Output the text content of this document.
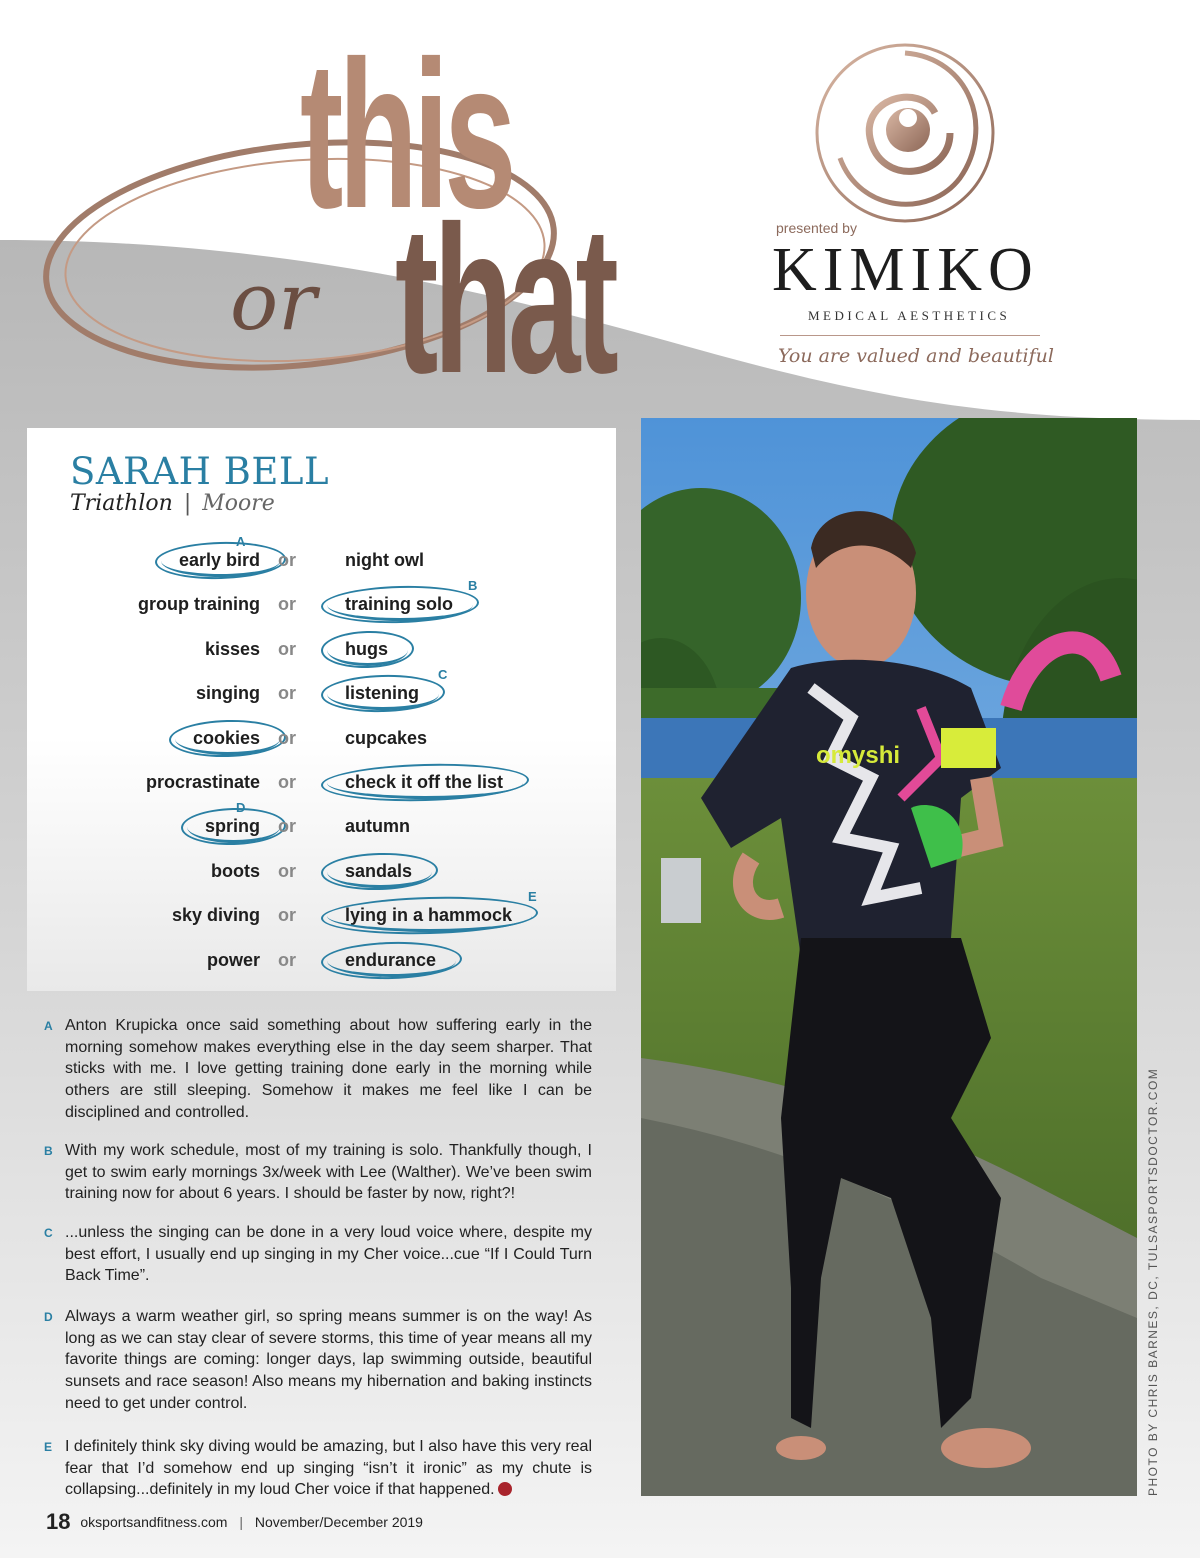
this
or that	presented by
KIMIKO
MEDICAL AESTHETICS
You are valued and beautiful
SARAH BELL
Triathlon | Moore
early bird or	night owl
A
group training or	training solo
B
kisses or	hugs
singing or	listening
C
cookies or	cupcakes
procrastinate or	check it off the list
spring or	autumn
D
boots or	sandals
sky diving or	lying in a hammock
E
power or	endurance
A Anton Krupicka once said something about how suffering early in the morning somehow makes everything else in the day seem sharper. That sticks with me. I love getting training done early in the morning while others are still sleeping. Somehow it makes me feel like I can be disciplined and controlled.
B With my work schedule, most of my training is solo. Thankfully though, I get to swim early mornings 3x/week with Lee (Walther). We’ve been swim training now for about 6 years. I should be faster by now, right?!
C ...unless the singing can be done in a very loud voice where, despite my best effort, I usually end up singing in my Cher voice...cue “If I Could Turn Back Time”.
D Always a warm weather girl, so spring means summer is on the way! As long as we can stay clear of severe storms, this time of year means all my favorite things are coming: longer days, lap swimming outside, beautiful sunsets and race season! Also means my hibernation and baking instincts need to get under control.
E I definitely think sky diving would be amazing, but I also have this very real fear that I’d somehow end up singing “isn’t it ironic” as my chute is collapsing...definitely in my loud Cher voice if that happened.
omyshi
PHOTO BY CHRIS BARNES, DC, TULSASPORTSDOCTOR.COM
18 oksportsandfitness.com | November/December 2019
